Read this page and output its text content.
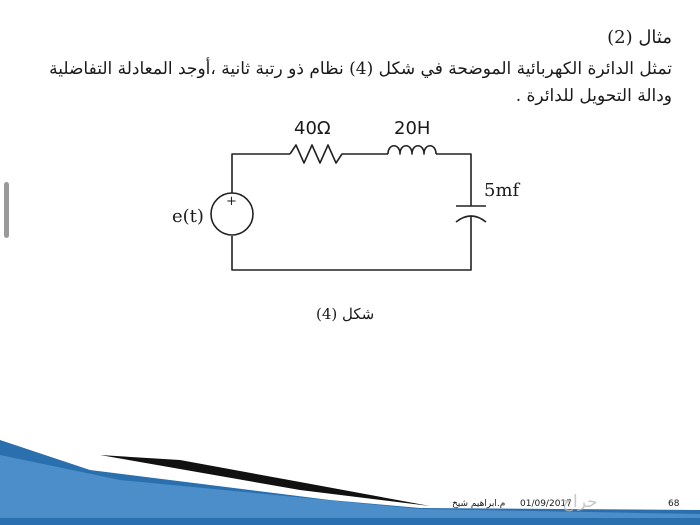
مثال (2)
تمثل الدائرة الكهربائية الموضحة في شكل (4) نظام ذو رتبة ثانية ،أوجد المعادلة التفاضلية
ودالة التحويل للدائرة .
40Ω	20H
5mf
e(t)
+
شكل (4)
م.ابراهيم شيخ 01/09/2017
حراج	68
